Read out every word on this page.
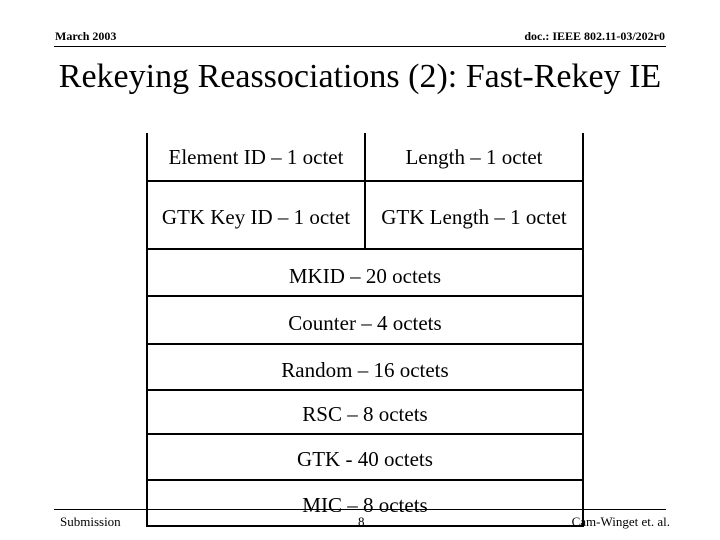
March 2003	doc.: IEEE 802.11-03/202r0
Rekeying Reassociations (2): Fast-Rekey IE
Element ID – 1 octet	Length – 1 octet
GTK Key ID – 1 octet	GTK Length – 1 octet
MKID – 20 octets	
Counter – 4 octets	
Random – 16 octets	
RSC – 8 octets	
GTK - 40 octets	
MIC – 8 octets	
Submission	8	Cam-Winget et. al.
